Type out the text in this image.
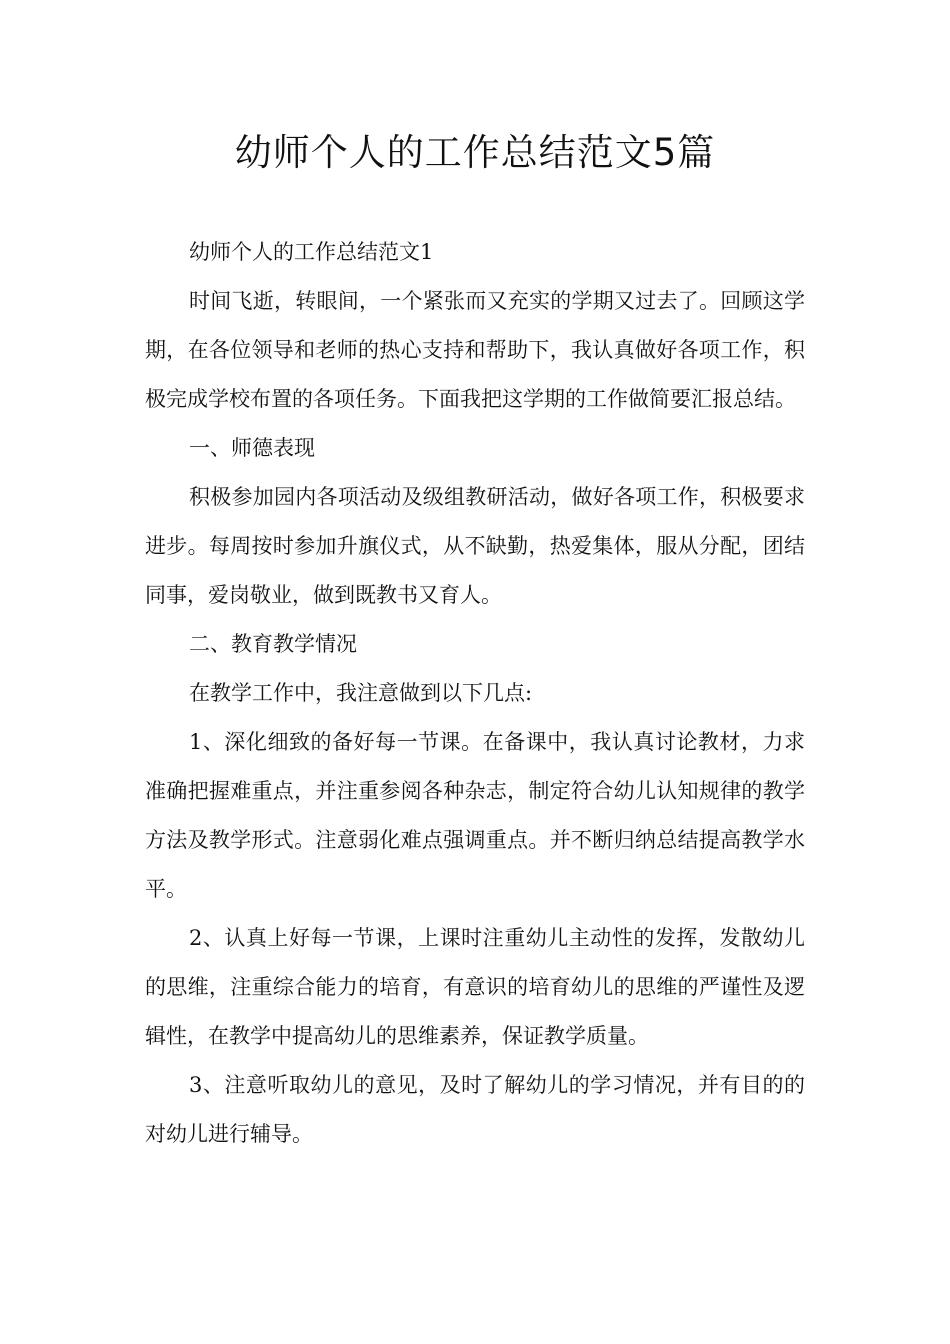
幼师个人的工作总结范文5篇

幼师个人的工作总结范文1

时间飞逝，转眼间，一个紧张而又充实的学期又过去了。回顾这学期，在各位领导和老师的热心支持和帮助下，我认真做好各项工作，积极完成学校布置的各项任务。下面我把这学期的工作做简要汇报总结。

一、师德表现

积极参加园内各项活动及级组教研活动，做好各项工作，积极要求进步。每周按时参加升旗仪式，从不缺勤，热爱集体，服从分配，团结同事，爱岗敬业，做到既教书又育人。

二、教育教学情况

在教学工作中，我注意做到以下几点:

1、深化细致的备好每一节课。在备课中，我认真讨论教材，力求准确把握难重点，并注重参阅各种杂志，制定符合幼儿认知规律的教学方法及教学形式。注意弱化难点强调重点。并不断归纳总结提高教学水平。

2、认真上好每一节课，上课时注重幼儿主动性的发挥，发散幼儿的思维，注重综合能力的培育，有意识的培育幼儿的思维的严谨性及逻辑性，在教学中提高幼儿的思维素养，保证教学质量。

3、注意听取幼儿的意见，及时了解幼儿的学习情况，并有目的的对幼儿进行辅导。
